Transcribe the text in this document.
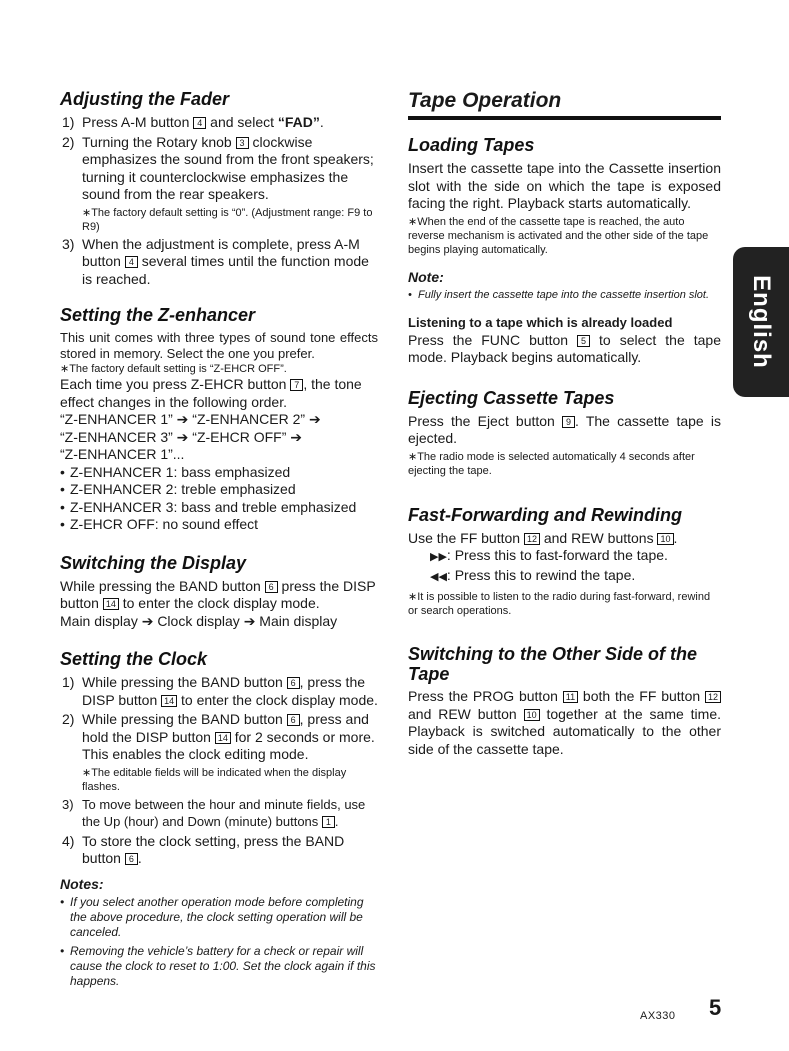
Adjusting the Fader
1) Press A-M button 4 and select “FAD”.
2) Turning the Rotary knob 3 clockwise emphasizes the sound from the front speakers; turning it counterclockwise emphasizes the sound from the rear speakers.
∗The factory default setting is “0”. (Adjustment range: F9 to R9)
3) When the adjustment is complete, press A-M button 4 several times until the function mode is reached.
Setting the Z-enhancer

This unit comes with three types of sound tone effects stored in memory. Select the one you prefer.

∗The factory default setting is “Z-EHCR OFF”.

Each time you press Z-EHCR button 7 , the tone effect changes in the following order.

“Z-ENHANCER 1” ➔ “Z-ENHANCER 2” ➔

“Z-ENHANCER 3” ➔ “Z-EHCR OFF” ➔

“Z-ENHANCER 1”...

• Z-ENHANCER 1: bass emphasized

• Z-ENHANCER 2: treble emphasized

• Z-ENHANCER 3: bass and treble emphasized

• Z-EHCR OFF: no sound effect

Switching the Display

While pressing the BAND button 6 press the DISP button 14 to enter the clock display mode.

Main display ➔ Clock display ➔ Main display

Setting the Clock
1) While pressing the BAND button 6 , press the DISP button 14 to enter the clock display mode.
2) While pressing the BAND button 6 , press and hold the DISP button 14 for 2 seconds or more. This enables the clock editing mode.
∗The editable fields will be indicated when the display flashes.
3) To move between the hour and minute fields, use the Up (hour) and Down (minute) buttons 1 .
4) To store the clock setting, press the BAND button 6 .

Notes:

• If you select another operation mode before completing the above procedure, the clock setting operation will be canceled.

• Removing the vehicle’s battery for a check or repair will cause the clock to reset to 1:00. Set the clock again if this happens.

Tape Operation
Loading Tapes

Insert the cassette tape into the Cassette insertion slot with the side on which the tape is exposed facing the right. Playback starts automatically.

∗When the end of the cassette tape is reached, the auto reverse mechanism is activated and the other side of the tape begins playing automatically.

Note:

• Fully insert the cassette tape into the cassette insertion slot.

Listening to a tape which is already loaded

Press the FUNC button 5 to select the tape mode. Playback begins automatically.

Ejecting Cassette Tapes

Press the Eject button 9 . The cassette tape is ejected.

∗The radio mode is selected automatically 4 seconds after ejecting the tape.

Fast-Forwarding and Rewinding

Use the FF button 12 and REW buttons 10 .

▶▶: Press this to fast-forward the tape.

◀◀: Press this to rewind the tape.

∗It is possible to listen to the radio during fast-forward, rewind or search operations.

Switching to the Other Side of the Tape

Press the PROG button 11 both the FF button 12 and REW button 10 together at the same time. Playback is switched automatically to the other side of the cassette tape.

English
AX330 5
